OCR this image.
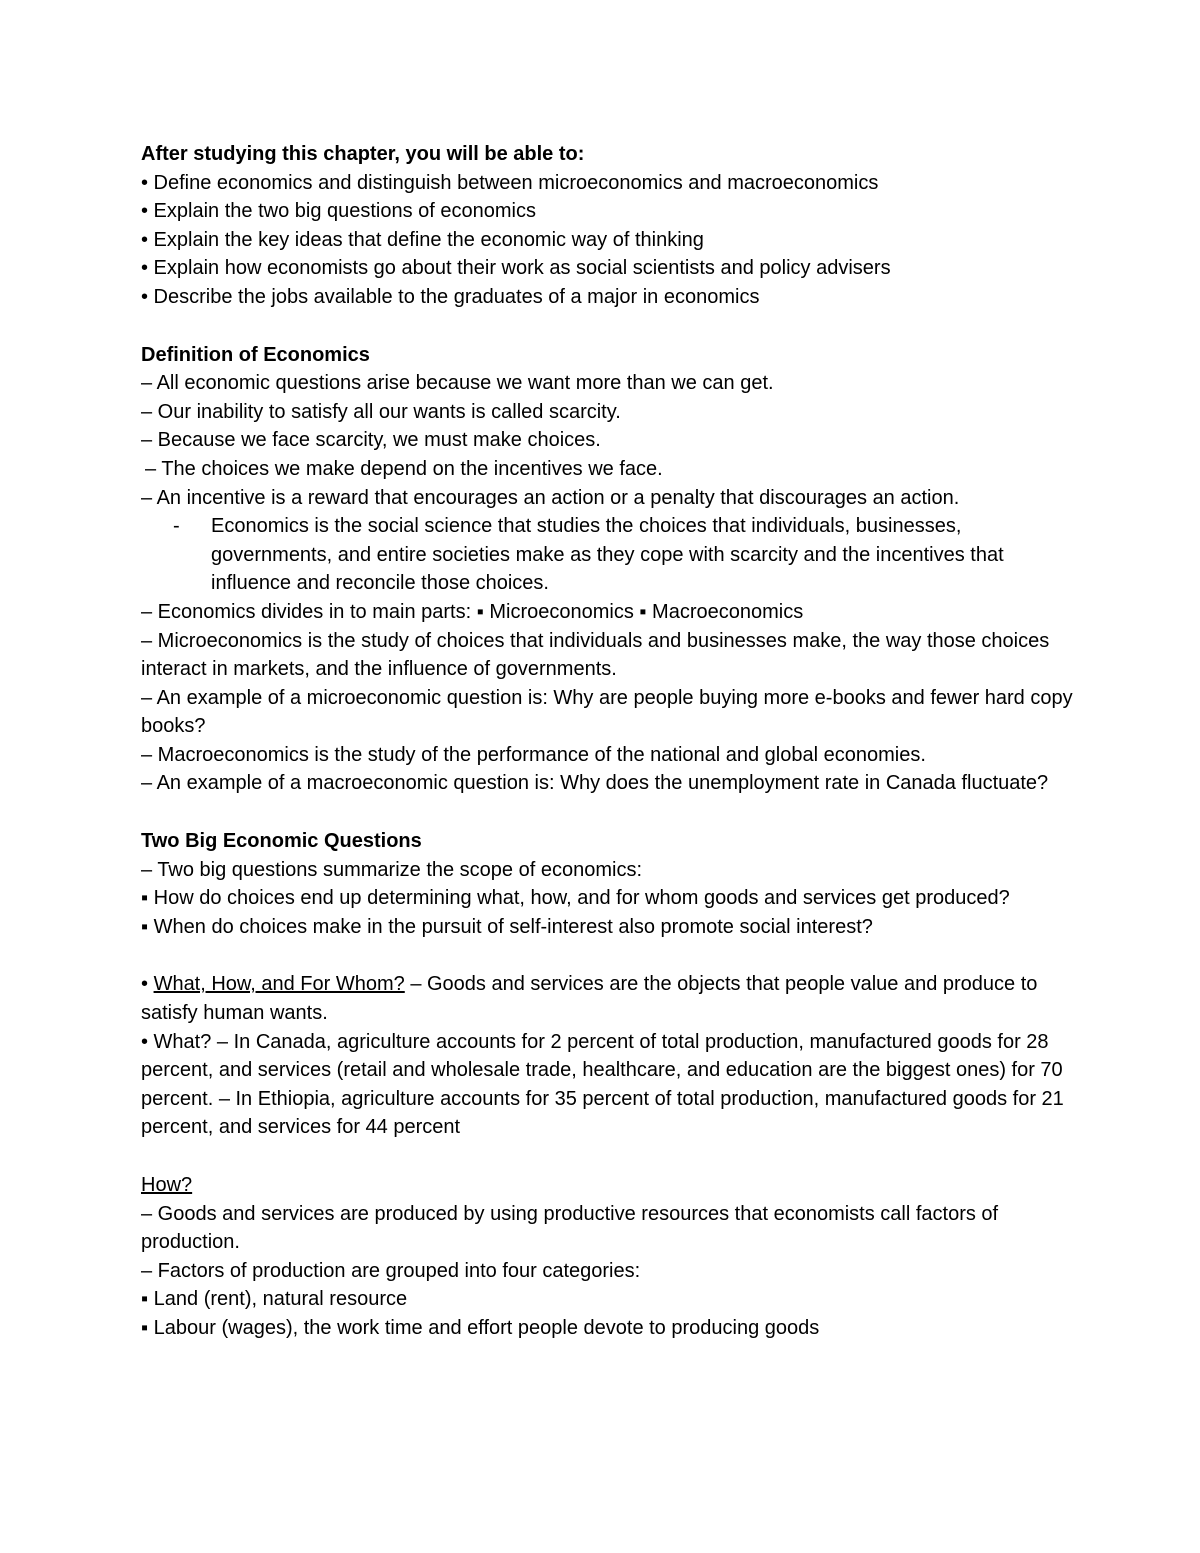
After studying this chapter, you will be able to:

• Define economics and distinguish between microeconomics and macroeconomics

• Explain the two big questions of economics

• Explain the key ideas that define the economic way of thinking

• Explain how economists go about their work as social scientists and policy advisers

• Describe the jobs available to the graduates of a major in economics

Definition of Economics

– All economic questions arise because we want more than we can get.

– Our inability to satisfy all our wants is called scarcity.

– Because we face scarcity, we must make choices.

– The choices we make depend on the incentives we face.

– An incentive is a reward that encourages an action or a penalty that discourages an action.

- Economics is the social science that studies the choices that individuals, businesses, governments, and entire societies make as they cope with scarcity and the incentives that influence and reconcile those choices.

– Economics divides in to main parts: ▪ Microeconomics ▪ Macroeconomics

– Microeconomics is the study of choices that individuals and businesses make, the way those choices interact in markets, and the influence of governments.

– An example of a microeconomic question is: Why are people buying more e-books and fewer hard copy books?

– Macroeconomics is the study of the performance of the national and global economies.

– An example of a macroeconomic question is: Why does the unemployment rate in Canada fluctuate?

Two Big Economic Questions

– Two big questions summarize the scope of economics:

▪ How do choices end up determining what, how, and for whom goods and services get produced?

▪ When do choices make in the pursuit of self-interest also promote social interest?

• What, How, and For Whom? – Goods and services are the objects that people value and produce to satisfy human wants.

• What? – In Canada, agriculture accounts for 2 percent of total production, manufactured goods for 28 percent, and services (retail and wholesale trade, healthcare, and education are the biggest ones) for 70 percent. – In Ethiopia, agriculture accounts for 35 percent of total production, manufactured goods for 21 percent, and services for 44 percent

How?

– Goods and services are produced by using productive resources that economists call factors of production.

– Factors of production are grouped into four categories:

▪ Land (rent), natural resource

▪ Labour (wages), the work time and effort people devote to producing goods
